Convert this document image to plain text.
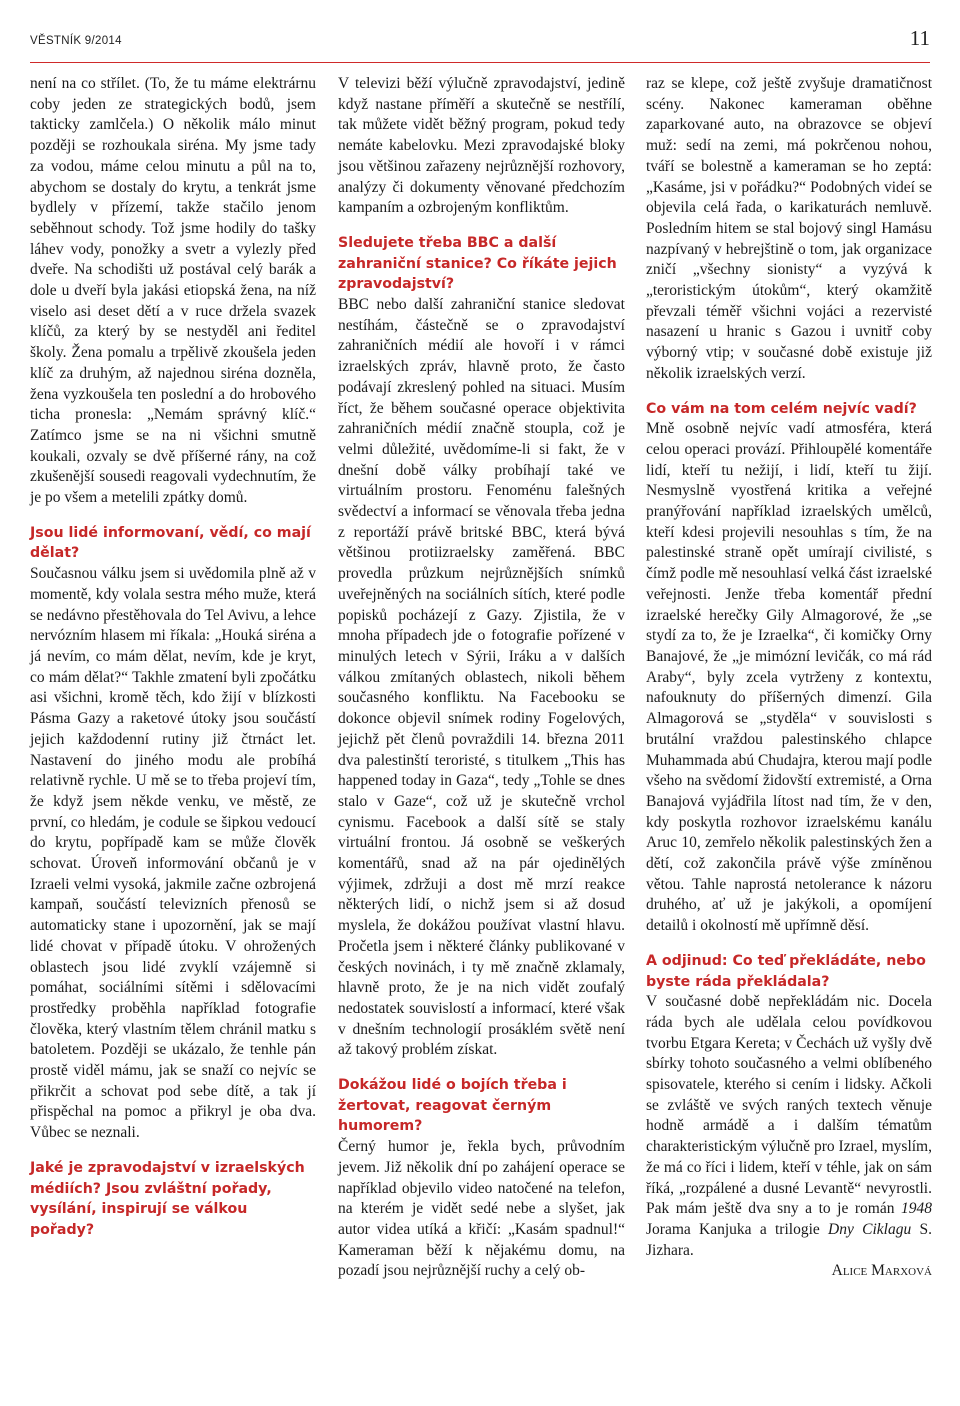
VĚSTNÍK 9/2014	11

není na co střílet. (To, že tu máme elektrárnu coby jeden ze strategických bodů, jsem takticky zamlčela.) O několik málo minut později se rozhoukala siréna. My jsme tady za vodou, máme celou minutu a půl na to, abychom se dostaly do krytu, a tenkrát jsme bydlely v přízemí, takže stačilo jenom seběhnout schody. Tož jsme hodily do tašky láhev vody, ponožky a svetr a vylezly před dveře. Na schodišti už postával celý barák a dole u dveří byla jakási etiopská žena, na níž viselo asi deset dětí a v ruce držela svazek klíčů, za který by se nestyděl ani ředitel školy. Žena pomalu a trpělivě zkoušela jeden klíč za druhým, až najednou siréna dozněla, žena vyzkoušela ten poslední a do hrobového ticha pronesla: „Nemám správný klíč.“ Zatímco jsme se na ni všichni smutně koukali, ozvaly se dvě příšerné rány, na což zkušenější sousedi reagovali vydechnutím, že je po všem a metelili zpátky domů.

Jsou lidé informovaní, vědí, co mají dělat?

Současnou válku jsem si uvědomila plně až v momentě, kdy volala sestra mého muže, která se nedávno přestěhovala do Tel Avivu, a lehce nervózním hlasem mi říkala: „Houká siréna a já nevím, co mám dělat, nevím, kde je kryt, co mám dělat?“ Takhle zmatení byli zpočátku asi všichni, kromě těch, kdo žijí v blízkosti Pásma Gazy a raketové útoky jsou součástí jejich každodenní rutiny již čtrnáct let. Nastavení do jiného modu ale probíhá relativně rychle. U mě se to třeba projeví tím, že když jsem někde venku, ve městě, ze první, co hledám, je codule se šipkou vedoucí do krytu, popřípadě kam se může člověk schovat. Úroveň informování občanů je v Izraeli velmi vysoká, jakmile začne ozbrojená kampaň, součástí televizních přenosů se automaticky stane i upozornění, jak se mají lidé chovat v případě útoku. V ohrožených oblastech jsou lidé zvyklí vzájemně si pomáhat, sociálními sítěmi i sdělovacími prostředky proběhla například fotografie člověka, který vlastním tělem chránil matku s batoletem. Později se ukázalo, že tenhle pán prostě viděl mámu, jak se snaží co nejvíc se přikrčit a schovat pod sebe dítě, a tak jí přispěchal na pomoc a přikryl je oba dva. Vůbec se neznali.

Jaké je zpravodajství v izraelských médiích? Jsou zvláštní pořady, vysílání, inspirují se válkou pořady?

V televizi běží výlučně zpravodajství, jedině když nastane příměří a skutečně se nestřílí, tak můžete vidět běžný program, pokud tedy nemáte kabelovku. Mezi zpravodajské bloky jsou většinou zařazeny nejrůznější rozhovory, analýzy či dokumenty věnované předchozím kampaním a ozbrojeným konfliktům.

Sledujete třeba BBC a další zahraniční stanice? Co říkáte jejich zpravodajství?

BBC nebo další zahraniční stanice sledovat nestíhám, částečně se o zpravodajství zahraničních médií ale hovoří i v rámci izraelských zpráv, hlavně proto, že často podávají zkreslený pohled na situaci. Musím říct, že během současné operace objektivita zahraničních médií značně stoupla, což je velmi důležité, uvědomíme-li si fakt, že v dnešní době války probíhají také ve virtuálním prostoru. Fenoménu falešných svědectví a informací se věnovala třeba jedna z reportáží právě britské BBC, která bývá většinou protiizraelsky zaměřená. BBC provedla průzkum nejrůznějších snímků uveřejněných na sociálních sítích, které podle popisků pocházejí z Gazy. Zjistila, že v mnoha případech jde o fotografie pořízené v minulých letech v Sýrii, Iráku a v dalších válkou zmítaných oblastech, nikoli během současného konfliktu. Na Facebooku se dokonce objevil snímek rodiny Fogelových, jejichž pět členů povraždili 14. března 2011 dva palestinští teroristé, s titulkem „This has happened today in Gaza“, tedy „Tohle se dnes stalo v Gaze“, což už je skutečně vrchol cynismu. Facebook a další sítě se staly virtuální frontou. Já osobně se veškerých komentářů, snad až na pár ojedinělých výjimek, zdržuji a dost mě mrzí reakce některých lidí, o nichž jsem si až dosud myslela, že dokážou používat vlastní hlavu. Pročetla jsem i některé články publikované v českých novinách, i ty mě značně zklamaly, hlavně proto, že je na nich vidět zoufalý nedostatek souvislostí a informací, které však v dnešním technologií prosáklém světě není až takový problém získat.

Dokážou lidé o bojích třeba i žertovat, reagovat černým humorem?

Černý humor je, řekla bych, průvodním jevem. Již několik dní po zahájení operace se například objevilo video natočené na telefon, na kterém je vidět sedé nebe a slyšet, jak autor videa utíká a křičí: „Kasám spadnul!“ Kameraman běží k nějakému domu, na pozadí jsou nejrůznější ruchy a celý ob-

raz se klepe, což ještě zvyšuje dramatičnost scény. Nakonec kameraman oběhne zaparkované auto, na obrazovce se objeví muž: sedí na zemi, má pokrčenou nohou, tváří se bolestně a kameraman se ho zeptá: „Kasáme, jsi v pořádku?“ Podobných videí se objevila celá řada, o karikaturách nemluvě. Posledním hitem se stal bojový singl Hamásu nazpívaný v hebrejštině o tom, jak organizace zničí „všechny sionisty“ a vyzývá k „teroristickým útokům“, který okamžitě převzali téměř všichni vojáci a rezervisté nasazení u hranic s Gazou i uvnitř coby výborný vtip; v současné době existuje již několik izraelských verzí.

Co vám na tom celém nejvíc vadí?

Mně osobně nejvíc vadí atmosféra, která celou operaci provází. Přihloupělé komentáře lidí, kteří tu nežijí, i lidí, kteří tu žijí. Nesmyslně vyostřená kritika a veřejné pranýřování například izraelských umělců, kteří kdesi projevili nesouhlas s tím, že na palestinské straně opět umírají civilisté, s čímž podle mě nesouhlasí velká část izraelské veřejnosti. Jenže třeba komentář přední izraelské herečky Gily Almagorové, že „se stydí za to, že je Izraelka“, či komičky Orny Banajové, že „je mimózní levičák, co má rád Araby“, byly zcela vytrženy z kontextu, nafouknuty do příšerných dimenzí. Gila Almagorová se „styděla“ v souvislosti s brutální vraždou palestinského chlapce Muhammada abú Chudajra, kterou mají podle všeho na svědomí židovští extremisté, a Orna Banajová vyjádřila lítost nad tím, že v den, kdy poskytla rozhovor izraelskému kanálu Aruc 10, zemřelo několik palestinských žen a dětí, což zakončila právě výše zmíněnou větou. Tahle naprostá netolerance k názoru druhého, ať už je jakýkoli, a opomíjení detailů i okolností mě upřímně děsí.

A odjinud: Co teď překládáte, nebo byste ráda překládala?

V současné době nepřekládám nic. Docela ráda bych ale udělala celou povídkovou tvorbu Etgara Kereta; v Čechách už vyšly dvě sbírky tohoto současného a velmi oblíbeného spisovatele, kterého si cením i lidsky. Ačkoli se zvláště ve svých raných textech věnuje hodně armádě a i dalším tématům charakteristickým výlučně pro Izrael, myslím, že má co říci i lidem, kteří v téhle, jak on sám říká, „rozpálené a dusné Levantě“ nevyrostli. Pak mám ještě dva sny a to je román 1948 Jorama Kanjuka a trilogie Dny Ciklagu S. Jizhara.
Alice Marxová
